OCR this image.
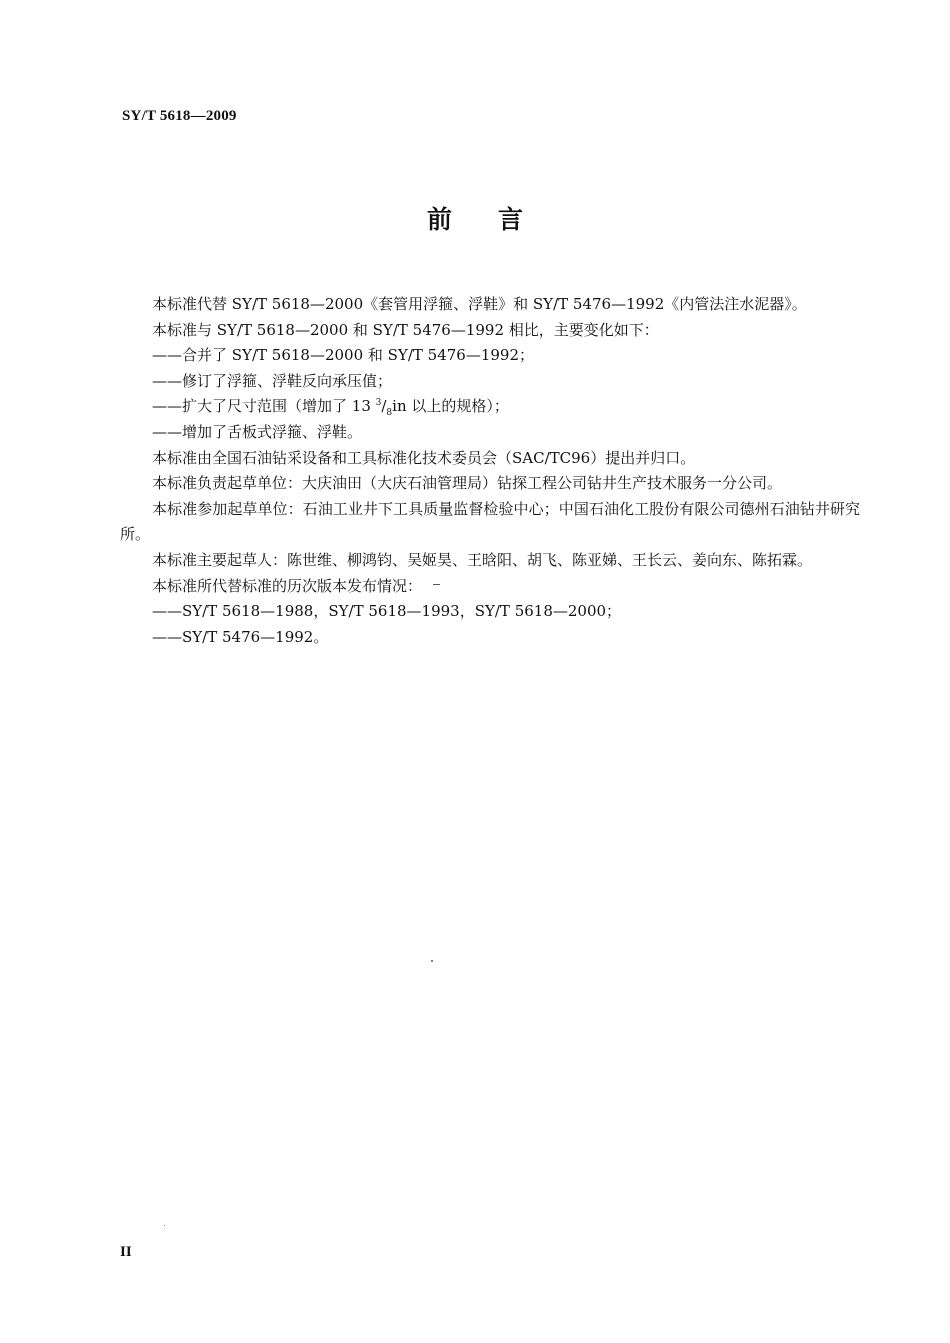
SY/T 5618—2009
前 言

本标准代替 SY/T 5618—2000《套管用浮箍、浮鞋》和 SY/T 5476—1992《内管法注水泥器》。

本标准与 SY/T 5618—2000 和 SY/T 5476—1992 相比，主要变化如下：

——合并了 SY/T 5618—2000 和 SY/T 5476—1992；

——修订了浮箍、浮鞋反向承压值；

——扩大了尺寸范围（增加了 13 $^3/_8in$ 以上的规格）；

——增加了舌板式浮箍、浮鞋。

本标准由全国石油钻采设备和工具标准化技术委员会（SAC/TC96）提出并归口。

本标准负责起草单位：大庆油田（大庆石油管理局）钻探工程公司钻井生产技术服务一分公司。

本标准参加起草单位：石油工业井下工具质量监督检验中心；中国石油化工股份有限公司德州石油钻井研究所。

本标准主要起草人：陈世维、柳鸿钧、吴姬昊、王晗阳、胡飞、陈亚娣、王长云、姜向东、陈拓霖。

本标准所代替标准的历次版本发布情况：

——SY/T 5618—1988，SY/T 5618—1993，SY/T 5618—2000；

——SY/T 5476—1992。

II
